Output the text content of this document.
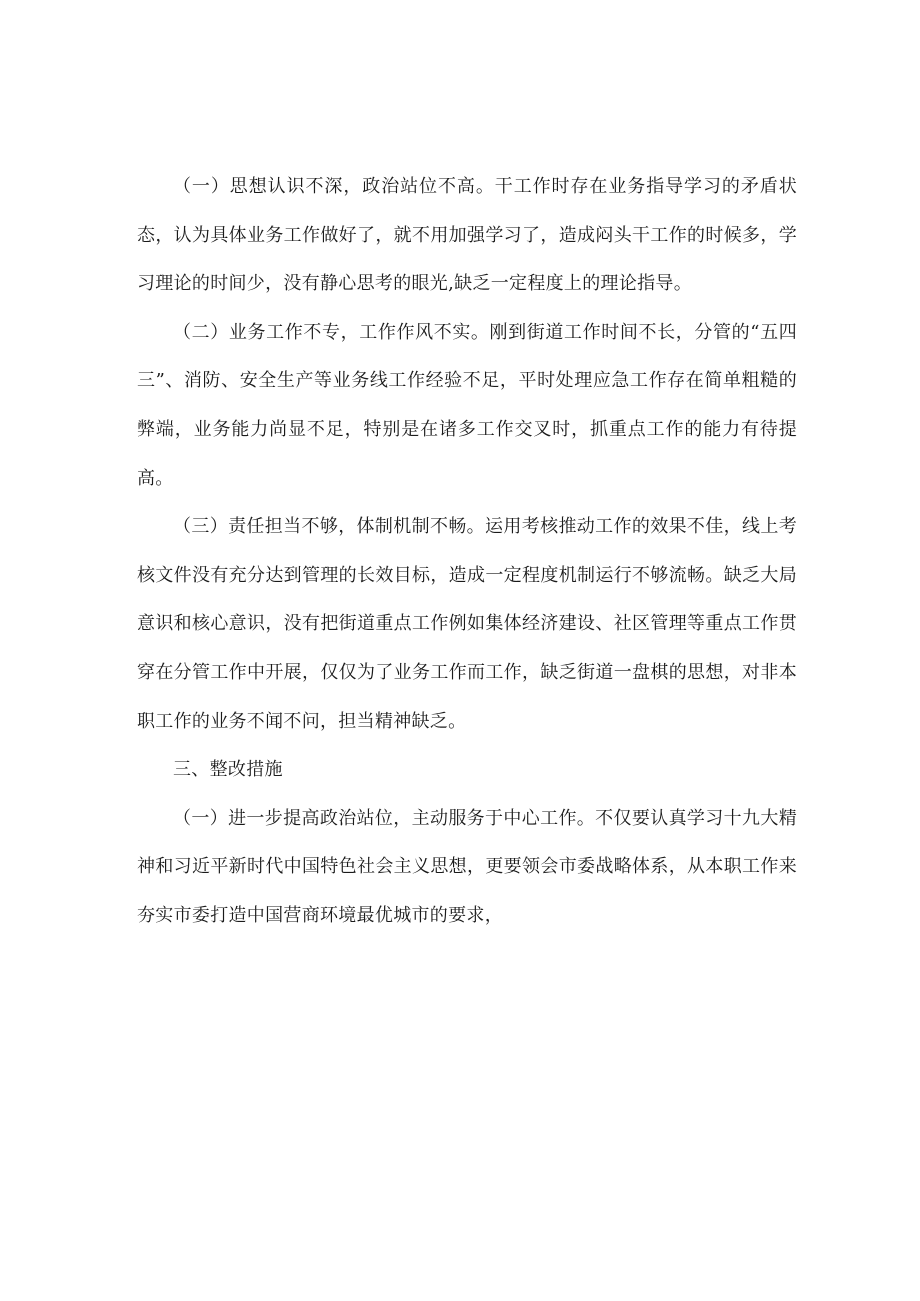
（一）思想认识不深，政治站位不高。干工作时存在业务指导学习的矛盾状态，认为具体业务工作做好了，就不用加强学习了，造成闷头干工作的时候多，学习理论的时间少，没有静心思考的眼光,缺乏一定程度上的理论指导。

（二）业务工作不专，工作作风不实。刚到街道工作时间不长，分管的“五四三”、消防、安全生产等业务线工作经验不足，平时处理应急工作存在简单粗糙的弊端，业务能力尚显不足，特别是在诸多工作交叉时，抓重点工作的能力有待提高。

（三）责任担当不够，体制机制不畅。运用考核推动工作的效果不佳，线上考核文件没有充分达到管理的长效目标，造成一定程度机制运行不够流畅。缺乏大局意识和核心意识，没有把街道重点工作例如集体经济建设、社区管理等重点工作贯穿在分管工作中开展，仅仅为了业务工作而工作，缺乏街道一盘棋的思想，对非本职工作的业务不闻不问，担当精神缺乏。

三、整改措施

（一）进一步提高政治站位，主动服务于中心工作。不仅要认真学习十九大精神和习近平新时代中国特色社会主义思想，更要领会市委战略体系，从本职工作来夯实市委打造中国营商环境最优城市的要求，
